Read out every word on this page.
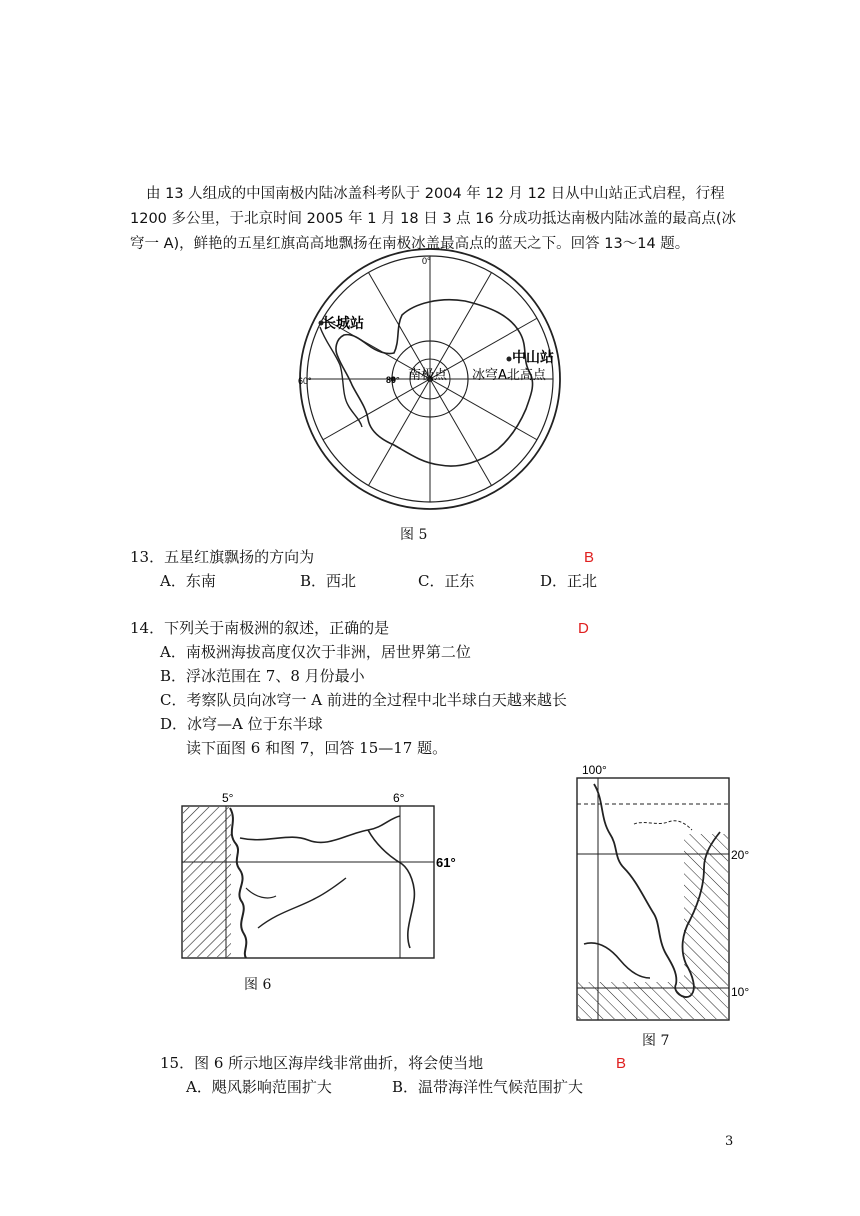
由 13 人组成的中国南极内陆冰盖科考队于 2004 年 12 月 12 日从中山站正式启程，行程

1200 多公里，于北京时间 2005 年 1 月 18 日 3 点 16 分成功抵达南极内陆冰盖的最高点(冰

穹一 A)，鲜艳的五星红旗高高地飘扬在南极冰盖最高点的蓝天之下。回答 13～14 题。

0°
60°	80°
长城站
中山站
南极点 冰穹A北高点
图 5
13．五星红旗飘扬的方向为	B
A．东南	B．西北	C．正东	D．正北
14．下列关于南极洲的叙述，正确的是	D
A．南极洲海拔高度仅次于非洲，居世界第二位
B．浮冰范围在 7、8 月份最小
C．考察队员向冰穹一 A 前进的全过程中北半球白天越来越长
D．冰穹—A 位于东半球
读下面图 6 和图 7，回答 15—17 题。
5°	6°
61°
图 6
100°
20°
10°
图 7
15．图 6 所示地区海岸线非常曲折，将会使当地	B
A．飓风影响范围扩大	B．温带海洋性气候范围扩大
3
